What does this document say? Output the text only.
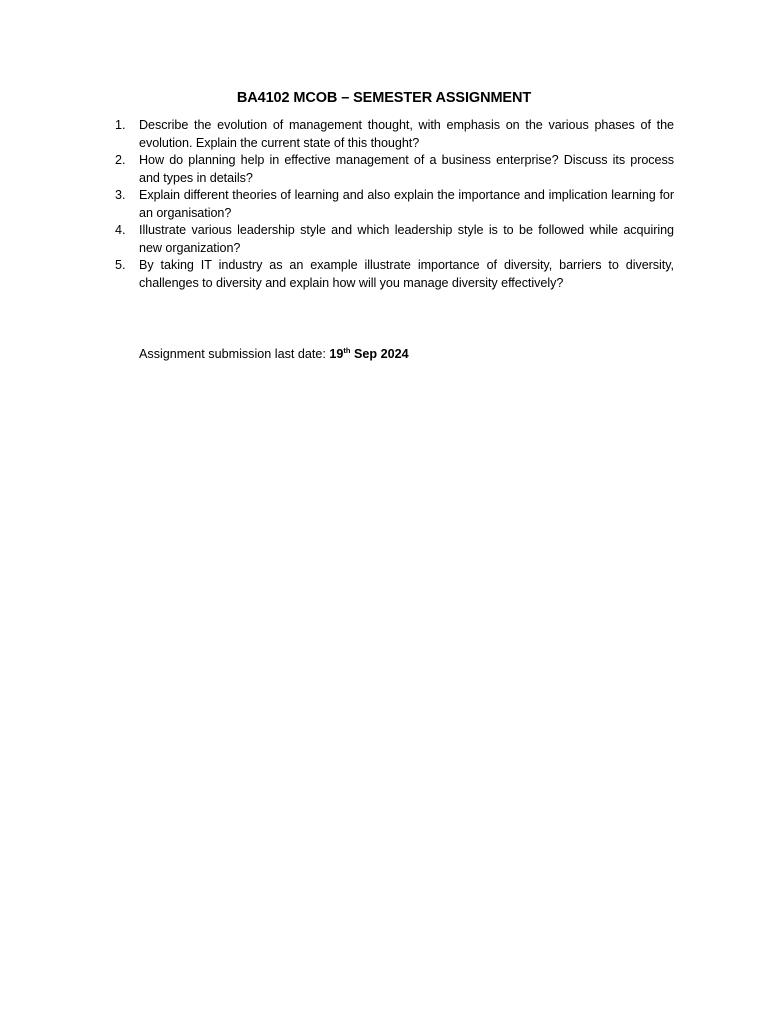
BA4102 MCOB – SEMESTER ASSIGNMENT
1.	Describe the evolution of management thought, with emphasis on the various phases of the evolution. Explain the current state of this thought?
2.	How do planning help in effective management of a business enterprise? Discuss its process and types in details?
3.	Explain different theories of learning and also explain the importance and implication learning for an organisation?
4.	Illustrate various leadership style and which leadership style is to be followed while acquiring new organization?
5.	By taking IT industry as an example illustrate importance of diversity, barriers to diversity, challenges to diversity and explain how will you manage diversity effectively?
Assignment submission last date: 19th Sep 2024
